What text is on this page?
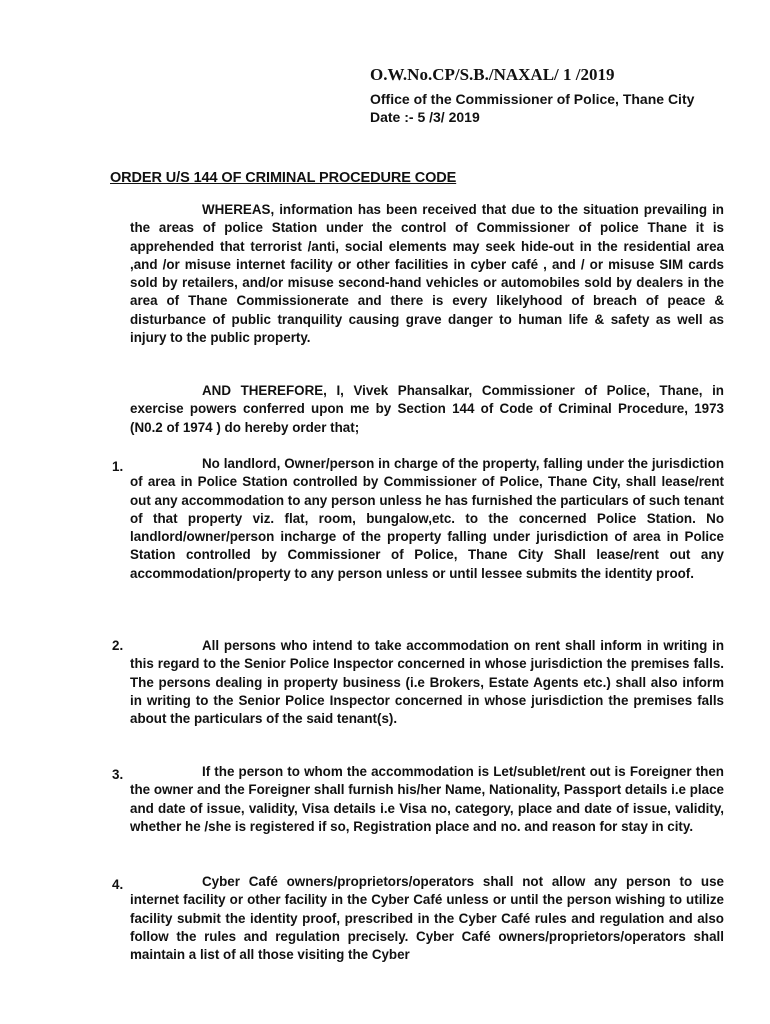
O.W.No.CP/S.B./NAXAL/ 1 /2019
Office of the Commissioner of Police, Thane City
Date :- 5 /3/ 2019
ORDER U/S 144 OF CRIMINAL PROCEDURE CODE
WHEREAS, information has been received that due to the situation prevailing in the areas of police Station under the control of Commissioner of police Thane it is apprehended that terrorist /anti, social elements may seek hide-out in the residential area ,and /or misuse internet facility or other facilities in cyber café , and / or misuse SIM cards sold by retailers, and/or misuse second-hand vehicles or automobiles sold by dealers in the area of Thane Commissionerate and there is every likelyhood of breach of peace & disturbance of public tranquility causing grave danger to human life & safety as well as injury to the public property.
AND THEREFORE, I, Vivek Phansalkar, Commissioner of Police, Thane, in exercise powers conferred upon me by Section 144 of Code of Criminal Procedure, 1973 (N0.2 of 1974 ) do hereby order that;
1.	No landlord, Owner/person in charge of the property, falling under the jurisdiction of area in Police Station controlled by Commissioner of Police, Thane City, shall lease/rent out any accommodation to any person unless he has furnished the particulars of such tenant of that property viz. flat, room, bungalow,etc. to the concerned Police Station. No landlord/owner/person incharge of the property falling under jurisdiction of area in Police Station controlled by Commissioner of Police, Thane City Shall lease/rent out any accommodation/property to any person unless or until lessee submits the identity proof.
2.	All persons who intend to take accommodation on rent shall inform in writing in this regard to the Senior Police Inspector concerned in whose jurisdiction the premises falls. The persons dealing in property business (i.e Brokers, Estate Agents etc.) shall also inform in writing to the Senior Police Inspector concerned in whose jurisdiction the premises falls about the particulars of the said tenant(s).
3.	If the person to whom the accommodation is Let/sublet/rent out is Foreigner then the owner and the Foreigner shall furnish his/her Name, Nationality, Passport details i.e place and date of issue, validity, Visa details i.e Visa no, category, place and date of issue, validity, whether he /she is registered if so, Registration place and no. and reason for stay in city.
4.	Cyber Café owners/proprietors/operators shall not allow any person to use internet facility or other facility in the Cyber Café unless or until the person wishing to utilize facility submit the identity proof, prescribed in the Cyber Café rules and regulation and also follow the rules and regulation precisely. Cyber Café owners/proprietors/operators shall maintain a list of all those visiting the Cyber
